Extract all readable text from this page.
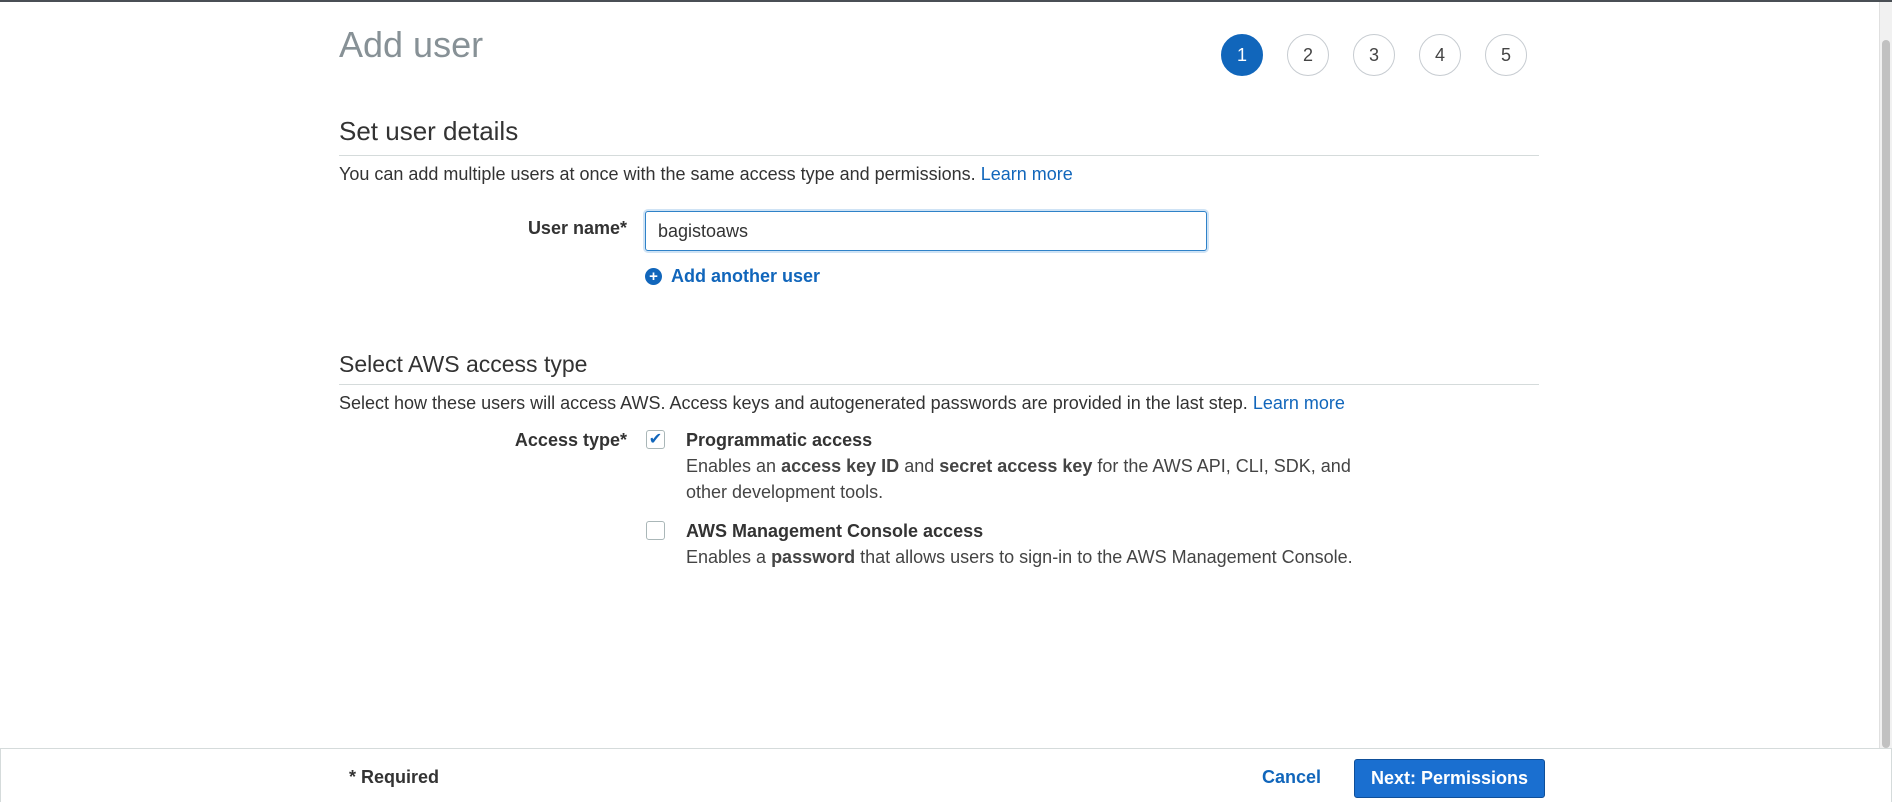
Add user	1	2	3	4	5
Set user details
You can add multiple users at once with the same access type and permissions. Learn more
User name*
bagistoaws
+ Add another user
Select AWS access type
Select how these users will access AWS. Access keys and autogenerated passwords are provided in the last step. Learn more
Access type* ✔ Programmatic access
Enables an access key ID and secret access key for the AWS API, CLI, SDK, and
other development tools.
AWS Management Console access
Enables a password that allows users to sign-in to the AWS Management Console.
* Required	Cancel	Next: Permissions
